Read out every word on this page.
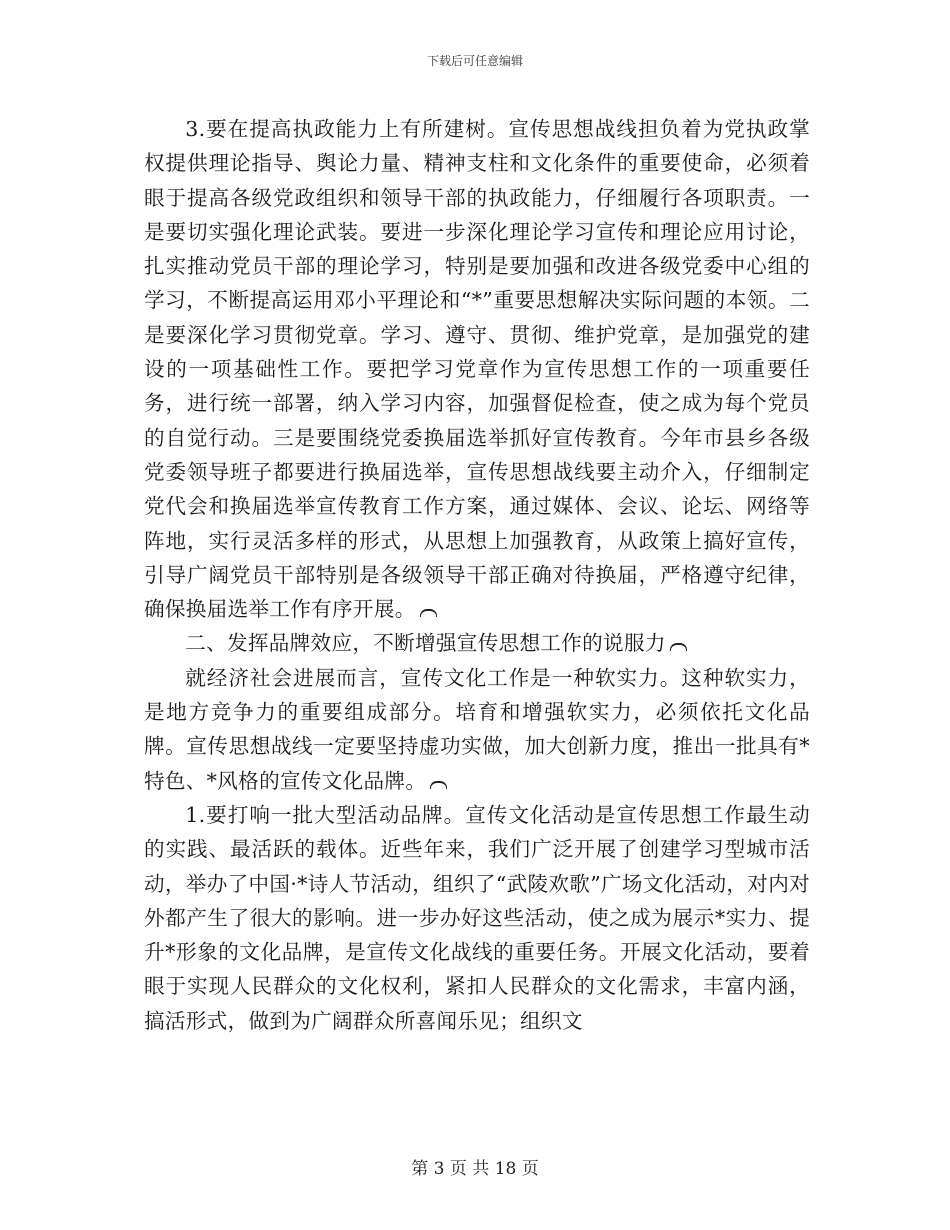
下载后可任意编辑

3.要在提高执政能力上有所建树。宣传思想战线担负着为党执政掌权提供理论指导、舆论力量、精神支柱和文化条件的重要使命，必须着眼于提高各级党政组织和领导干部的执政能力，仔细履行各项职责。一是要切实强化理论武装。要进一步深化理论学习宣传和理论应用讨论，扎实推动党员干部的理论学习，特别是要加强和改进各级党委中心组的学习，不断提高运用邓小平理论和“*”重要思想解决实际问题的本领。二是要深化学习贯彻党章。学习、遵守、贯彻、维护党章，是加强党的建设的一项基础性工作。要把学习党章作为宣传思想工作的一项重要任务，进行统一部署，纳入学习内容，加强督促检查，使之成为每个党员的自觉行动。三是要围绕党委换届选举抓好宣传教育。今年市县乡各级党委领导班子都要进行换届选举，宣传思想战线要主动介入，仔细制定党代会和换届选举宣传教育工作方案，通过媒体、会议、论坛、网络等阵地，实行灵活多样的形式，从思想上加强教育，从政策上搞好宣传，引导广阔党员干部特别是各级领导干部正确对待换届，严格遵守纪律，确保换届选举工作有序开展。

二、发挥品牌效应，不断增强宣传思想工作的说服力

就经济社会进展而言，宣传文化工作是一种软实力。这种软实力，是地方竞争力的重要组成部分。培育和增强软实力，必须依托文化品牌。宣传思想战线一定要坚持虚功实做，加大创新力度，推出一批具有*特色、*风格的宣传文化品牌。

1.要打响一批大型活动品牌。宣传文化活动是宣传思想工作最生动的实践、最活跃的载体。近些年来，我们广泛开展了创建学习型城市活动，举办了中国·*诗人节活动，组织了“武陵欢歌”广场文化活动，对内对外都产生了很大的影响。进一步办好这些活动，使之成为展示*实力、提升*形象的文化品牌，是宣传文化战线的重要任务。开展文化活动，要着眼于实现人民群众的文化权利，紧扣人民群众的文化需求，丰富内涵，搞活形式，做到为广阔群众所喜闻乐见；组织文

第 3 页 共 18 页
